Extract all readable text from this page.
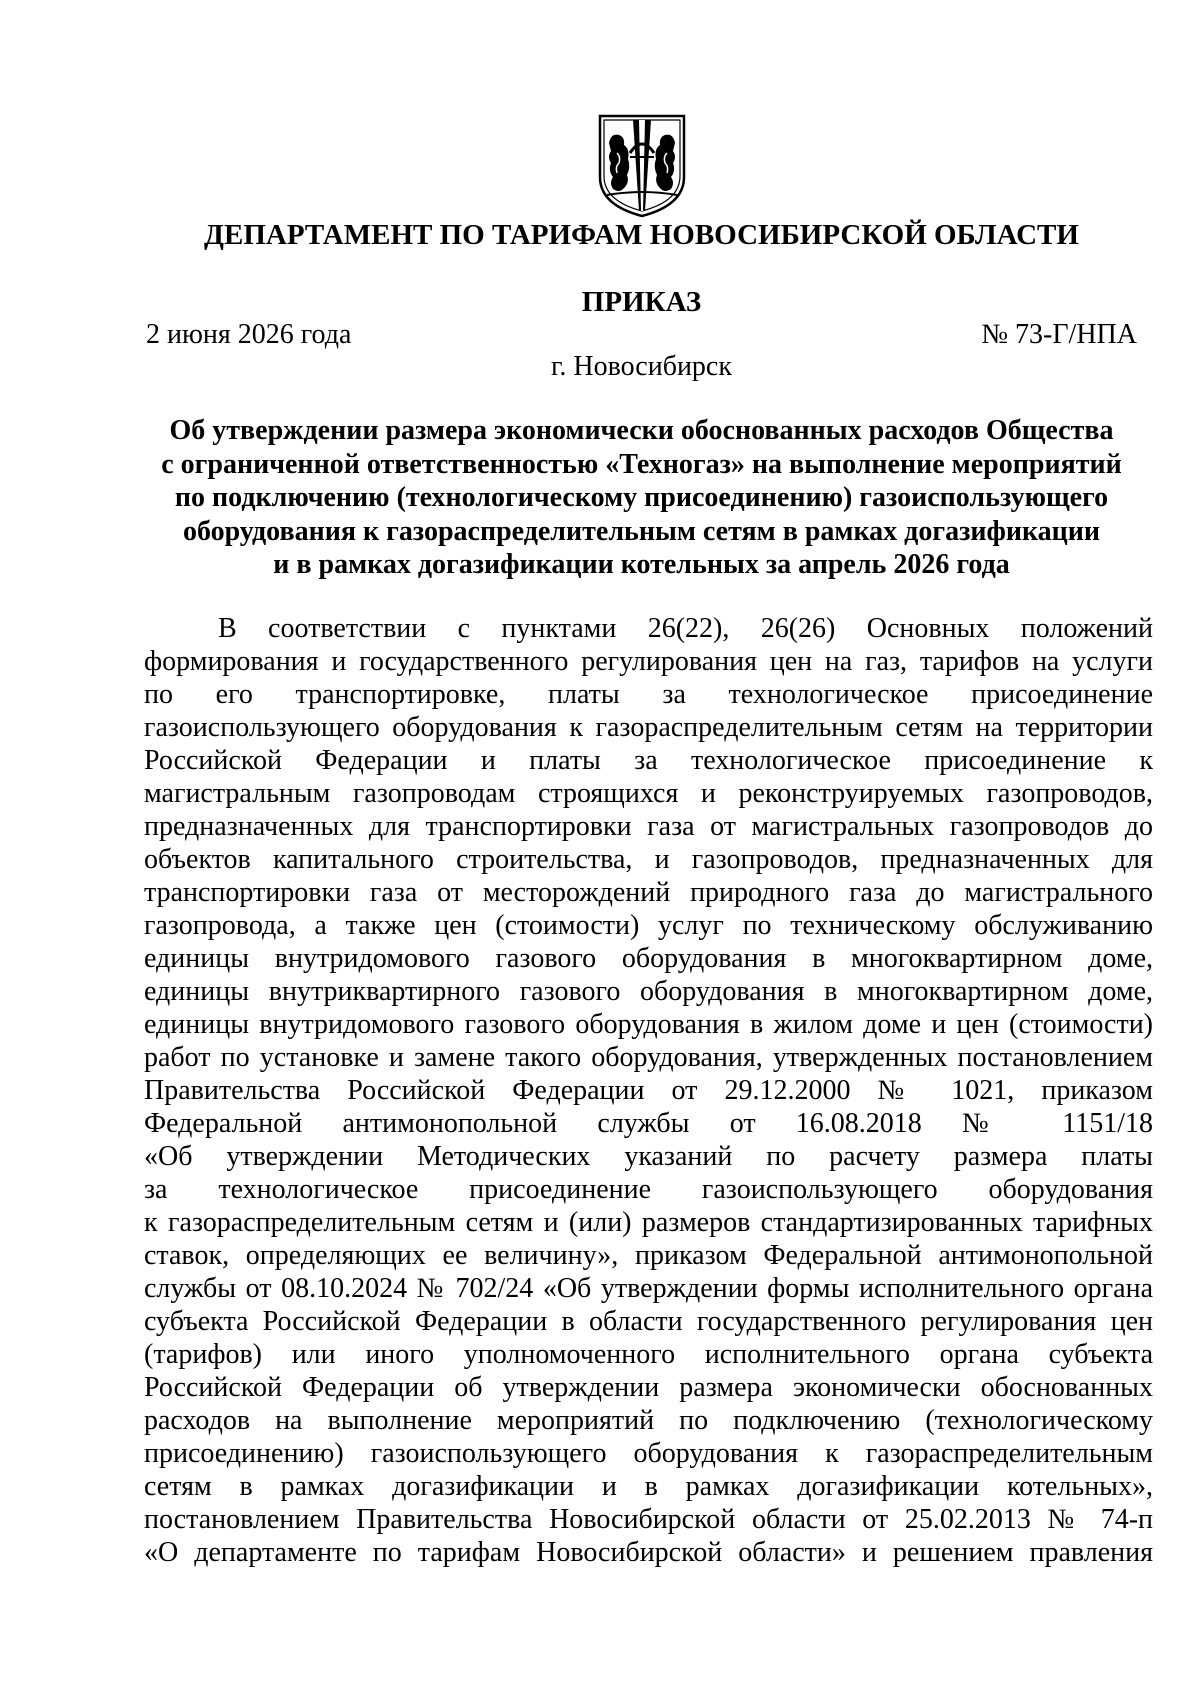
ДЕПАРТАМЕНТ ПО ТАРИФАМ НОВОСИБИРСКОЙ ОБЛАСТИ
ПРИКАЗ
2 июня 2026 года	№ 73-Г/НПА
г. Новосибирск
Об утверждении размера экономически обоснованных расходов Общества
с ограниченной ответственностью «Техногаз» на выполнение мероприятий
по подключению (технологическому присоединению) газоиспользующего
оборудования к газораспределительным сетям в рамках догазификации
и в рамках догазификации котельных за апрель 2026 года
В соответствии с пунктами 26(22), 26(26) Основных положений
формирования и государственного регулирования цен на газ, тарифов на услуги
по его транспортировке, платы за технологическое присоединение
газоиспользующего оборудования к газораспределительным сетям на территории
Российской Федерации и платы за технологическое присоединение к
магистральным газопроводам строящихся и реконструируемых газопроводов,
предназначенных для транспортировки газа от магистральных газопроводов до
объектов капитального строительства, и газопроводов, предназначенных для
транспортировки газа от месторождений природного газа до магистрального
газопровода, а также цен (стоимости) услуг по техническому обслуживанию
единицы внутридомового газового оборудования в многоквартирном доме,
единицы внутриквартирного газового оборудования в многоквартирном доме,
единицы внутридомового газового оборудования в жилом доме и цен (стоимости)
работ по установке и замене такого оборудования, утвержденных постановлением
Правительства Российской Федерации от 29.12.2000 № 1021, приказом
Федеральной антимонопольной службы от 16.08.2018 № 1151/18
«Об утверждении Методических указаний по расчету размера платы
за технологическое присоединение газоиспользующего оборудования
к газораспределительным сетям и (или) размеров стандартизированных тарифных
ставок, определяющих ее величину», приказом Федеральной антимонопольной
службы от 08.10.2024 № 702/24 «Об утверждении формы исполнительного органа
субъекта Российской Федерации в области государственного регулирования цен
(тарифов) или иного уполномоченного исполнительного органа субъекта
Российской Федерации об утверждении размера экономически обоснованных
расходов на выполнение мероприятий по подключению (технологическому
присоединению) газоиспользующего оборудования к газораспределительным
сетям в рамках догазификации и в рамках догазификации котельных»,
постановлением Правительства Новосибирской области от 25.02.2013 № 74-п
«О департаменте по тарифам Новосибирской области» и решением правления
